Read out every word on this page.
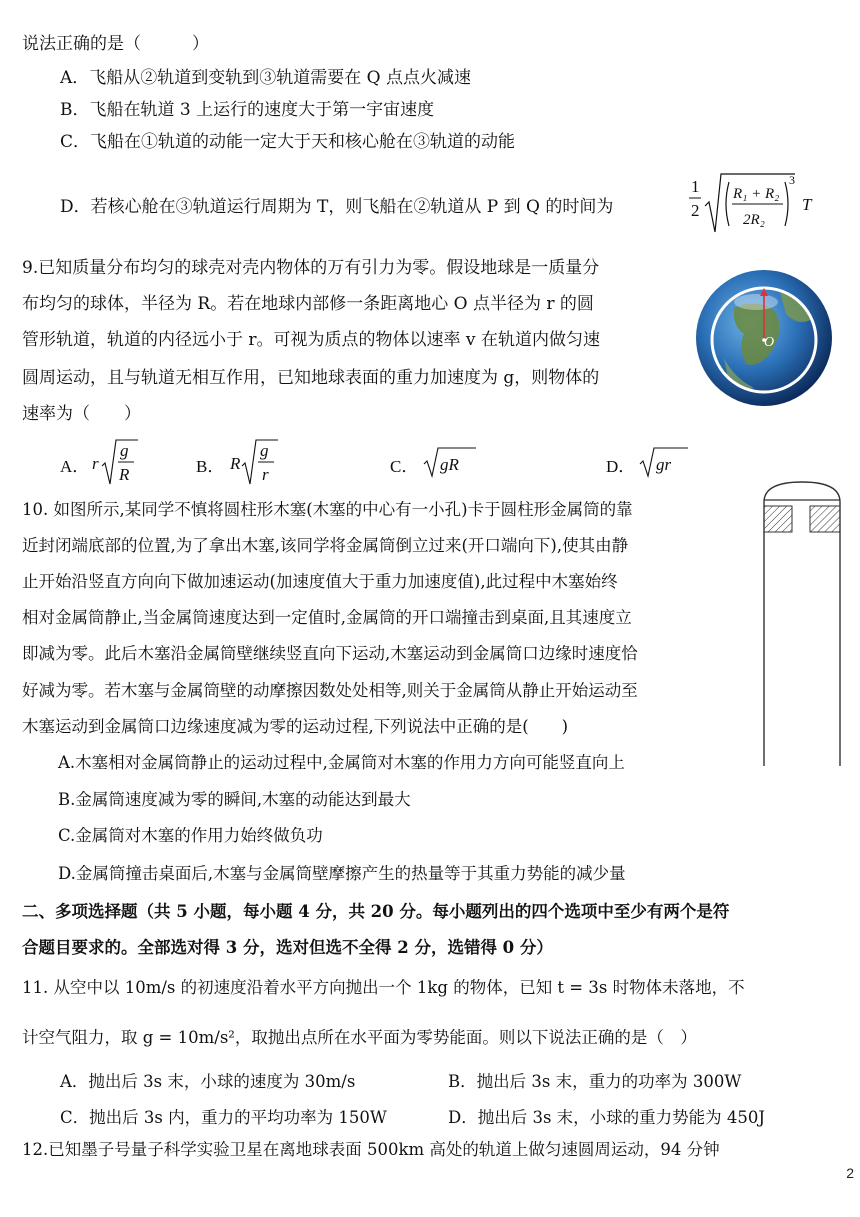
说法正确的是（　　　）
A．飞船从②轨道到变轨到③轨道需要在 Q 点点火减速
B．飞船在轨道 3 上运行的速度大于第一宇宙速度
C．飞船在①轨道的动能一定大于天和核心舱在③轨道的动能
D．若核心舱在③轨道运行周期为 T，则飞船在②轨道从 P 到 Q 的时间为
1
2
R₁ + R₂
2R₂
3
T
9.已知质量分布均匀的球壳对壳内物体的万有引力为零。假设地球是一质量分
布均匀的球体，半径为 R。若在地球内部修一条距离地心 O 点半径为 r 的圆
管形轨道，轨道的内径远小于 r。可视为质点的物体以速率 v 在轨道内做匀速
圆周运动，且与轨道无相互作用，已知地球表面的重力加速度为 g，则物体的
速率为（　　）
O
A． r
g
R	B． R
g
r	C． gR	D． gr
10. 如图所示,某同学不慎将圆柱形木塞(木塞的中心有一小孔)卡于圆柱形金属筒的靠
近封闭端底部的位置,为了拿出木塞,该同学将金属筒倒立过来(开口端向下),使其由静
止开始沿竖直方向向下做加速运动(加速度值大于重力加速度值),此过程中木塞始终
相对金属筒静止,当金属筒速度达到一定值时,金属筒的开口端撞击到桌面,且其速度立
即减为零。此后木塞沿金属筒壁继续竖直向下运动,木塞运动到金属筒口边缘时速度恰
好减为零。若木塞与金属筒壁的动摩擦因数处处相等,则关于金属筒从静止开始运动至
木塞运动到金属筒口边缘速度减为零的运动过程,下列说法中正确的是(　　)
A.木塞相对金属筒静止的运动过程中,金属筒对木塞的作用力方向可能竖直向上
B.金属筒速度减为零的瞬间,木塞的动能达到最大
C.金属筒对木塞的作用力始终做负功
D.金属筒撞击桌面后,木塞与金属筒壁摩擦产生的热量等于其重力势能的减少量
二、多项选择题（共 5 小题，每小题 4 分，共 20 分。每小题列出的四个选项中至少有两个是符
合题目要求的。全部选对得 3 分，选对但选不全得 2 分，选错得 0 分）
11. 从空中以 10m/s 的初速度沿着水平方向抛出一个 1kg 的物体，已知 t = 3s 时物体未落地，不
计空气阻力，取 g = 10m/s²，取抛出点所在水平面为零势能面。则以下说法正确的是（　）
A．抛出后 3s 末，小球的速度为 30m/s	B．抛出后 3s 末，重力的功率为 300W
C．抛出后 3s 内，重力的平均功率为 150W	D．抛出后 3s 末，小球的重力势能为 450J
12.已知墨子号量子科学实验卫星在离地球表面 500km 高处的轨道上做匀速圆周运动，94 分钟
2
